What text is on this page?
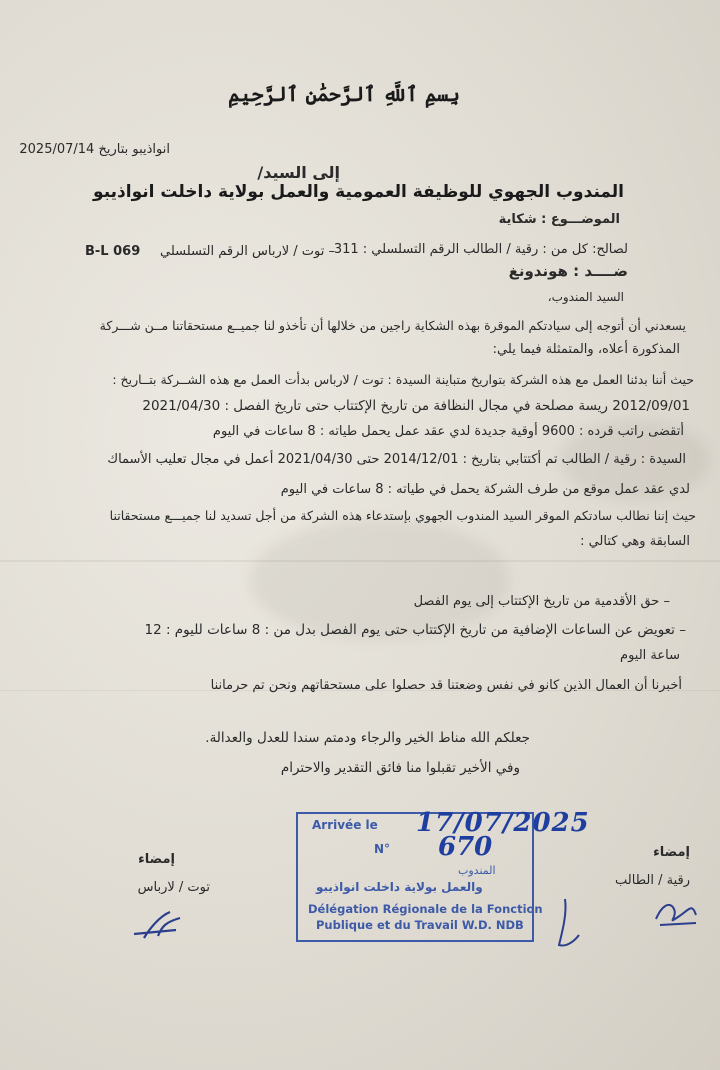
بِسمِ ٱللَّهِ ٱلرَّحمَٰنِ ٱلرَّحِيمِ
انواذيبو بتاريخ 2025/07/14
إلى السيد/
المندوب الجهوي للوظيفة العمومية والعمل بولاية داخلت انواذيبو
الموضـــوع : شكاية
لصالح: كل من : رقية / الطالب الرقم التسلسلي : 311
– توت / لارباس الرقم التسلسلي
B-L 069
ضــــد : هوندونغ
السيد المندوب،
يسعدني أن أتوجه إلى سيادتكم الموقرة بهذه الشكاية راجين من خلالها أن تأخذو لنا جميــع مستحقاتنا مــن شـــركة
المذكورة أعلاه، والمتمثلة فيما يلي:
حيث أننا بدئنا العمل مع هذه الشركة بتواريخ متباينة السيدة : توت / لارباس بدأت العمل مع هذه الشــركة بتــاريخ :
2012/09/01 ريسة مصلحة في مجال النظافة من تاريخ الإكتتاب حتى تاريخ الفصل : 2021/04/30
أتقضى راتب قرده : 9600 أوقية جديدة لدي عقد عمل يحمل طياته : 8 ساعات في اليوم
السيدة : رقية / الطالب تم أكتتابي بتاريخ : 2014/12/01 حتى 2021/04/30 أعمل في مجال تعليب الأسماك
لدي عقد عمل موقع من طرف الشركة يحمل في طياته : 8 ساعات في اليوم
حيث إننا نطالب سادتكم الموقر السيد المندوب الجهوي بإستدعاء هذه الشركة من أجل تسديد لنا جميـــع مستحقاتنا
السابقة وهي كتالي :
– حق الأقدمية من تاريخ الإكتتاب إلى يوم الفصل
– تعويض عن الساعات الإضافية من تاريخ الإكتتاب حتى يوم الفصل بدل من : 8 ساعات لليوم : 12
ساعة اليوم
أخبرنا أن العمال الذين كانو في نفس وضعتنا قد حصلوا على مستحقاتهم ونحن تم حرماننا
جعلكم الله مناط الخير والرجاء ودمتم سندا للعدل والعدالة.
وفي الأخير تقبلوا منا فائق التقدير والاحترام
إمضاء
رقية / الطالب
إمضاء
توت / لارباس
Arrivée le 17/07/2025
N° 670
المندوب
والعمل بولاية داخلت انواذيبو
Délégation Régionale de la Fonction
Publique et du Travail W.D. NDB
